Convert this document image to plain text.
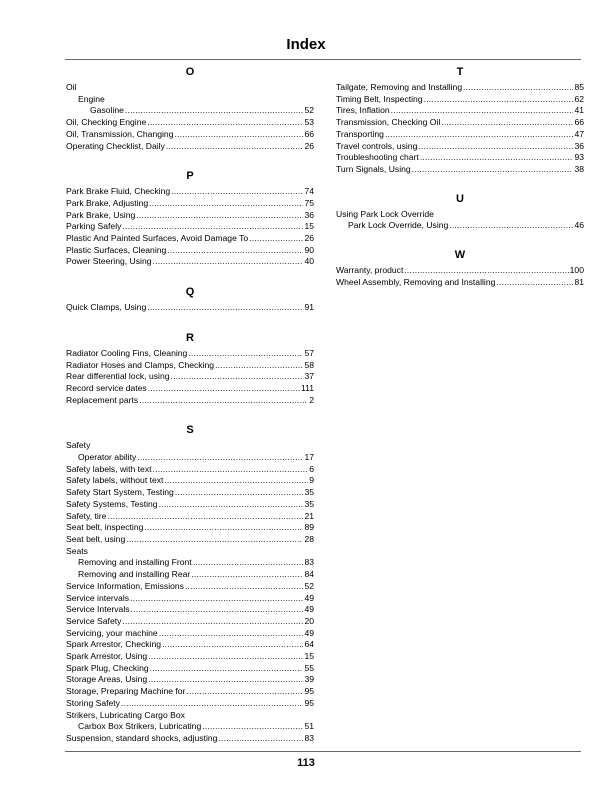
Index
O
Oil
Engine
Gasoline .....	52
Oil, Checking Engine .....	53
Oil, Transmission, Changing .....	66
Operating Checklist, Daily .....	26
P
Park Brake Fluid, Checking .....	74
Park Brake, Adjusting .....	75
Park Brake, Using .....	36
Parking Safely .....	15
Plastic And Painted Surfaces, Avoid Damage To .....	26
Plastic Surfaces, Cleaning .....	90
Power Steering, Using .....	40
Q
Quick Clamps, Using .....	91
R
Radiator Cooling Fins, Cleaning .....	57
Radiator Hoses and Clamps, Checking .....	58
Rear differential lock, using .....	37
Record service dates .....	111
Replacement parts .....	2
S
Safety
Operator ability .....	17
Safety labels, with text .....	6
Safety labels, without text .....	9
Safety Start System, Testing .....	35
Safety Systems, Testing .....	35
Safety, tire .....	21
Seat belt, inspecting .....	89
Seat belt, using .....	28
Seats
Removing and installing Front .....	83
Removing and installing Rear .....	84
Service Information, Emissions .....	52
Service intervals .....	49
Service Intervals .....	49
Service Safety .....	20
Servicing, your machine .....	49
Spark Arrestor, Checking .....	64
Spark Arrestor, Using .....	15
Spark Plug, Checking .....	55
Storage Areas, Using .....	39
Storage, Preparing Machine for .....	95
Storing Safety .....	95
Strikers, Lubricating Cargo Box
Carbox Box Strikers, Lubricating .....	51
Suspension, standard shocks, adjusting .....	83
T
Tailgate, Removing and Installing .....	85
Timing Belt, Inspecting .....	62
Tires, Inflation .....	41
Transmission, Checking Oil .....	66
Transporting .....	47
Travel controls, using .....	36
Troubleshooting chart .....	93
Turn Signals, Using .....	38
U
Using Park Lock Override
Park Lock Override, Using .....	46
W
Warranty, product .....	100
Wheel Assembly, Removing and Installing .....	81
113
